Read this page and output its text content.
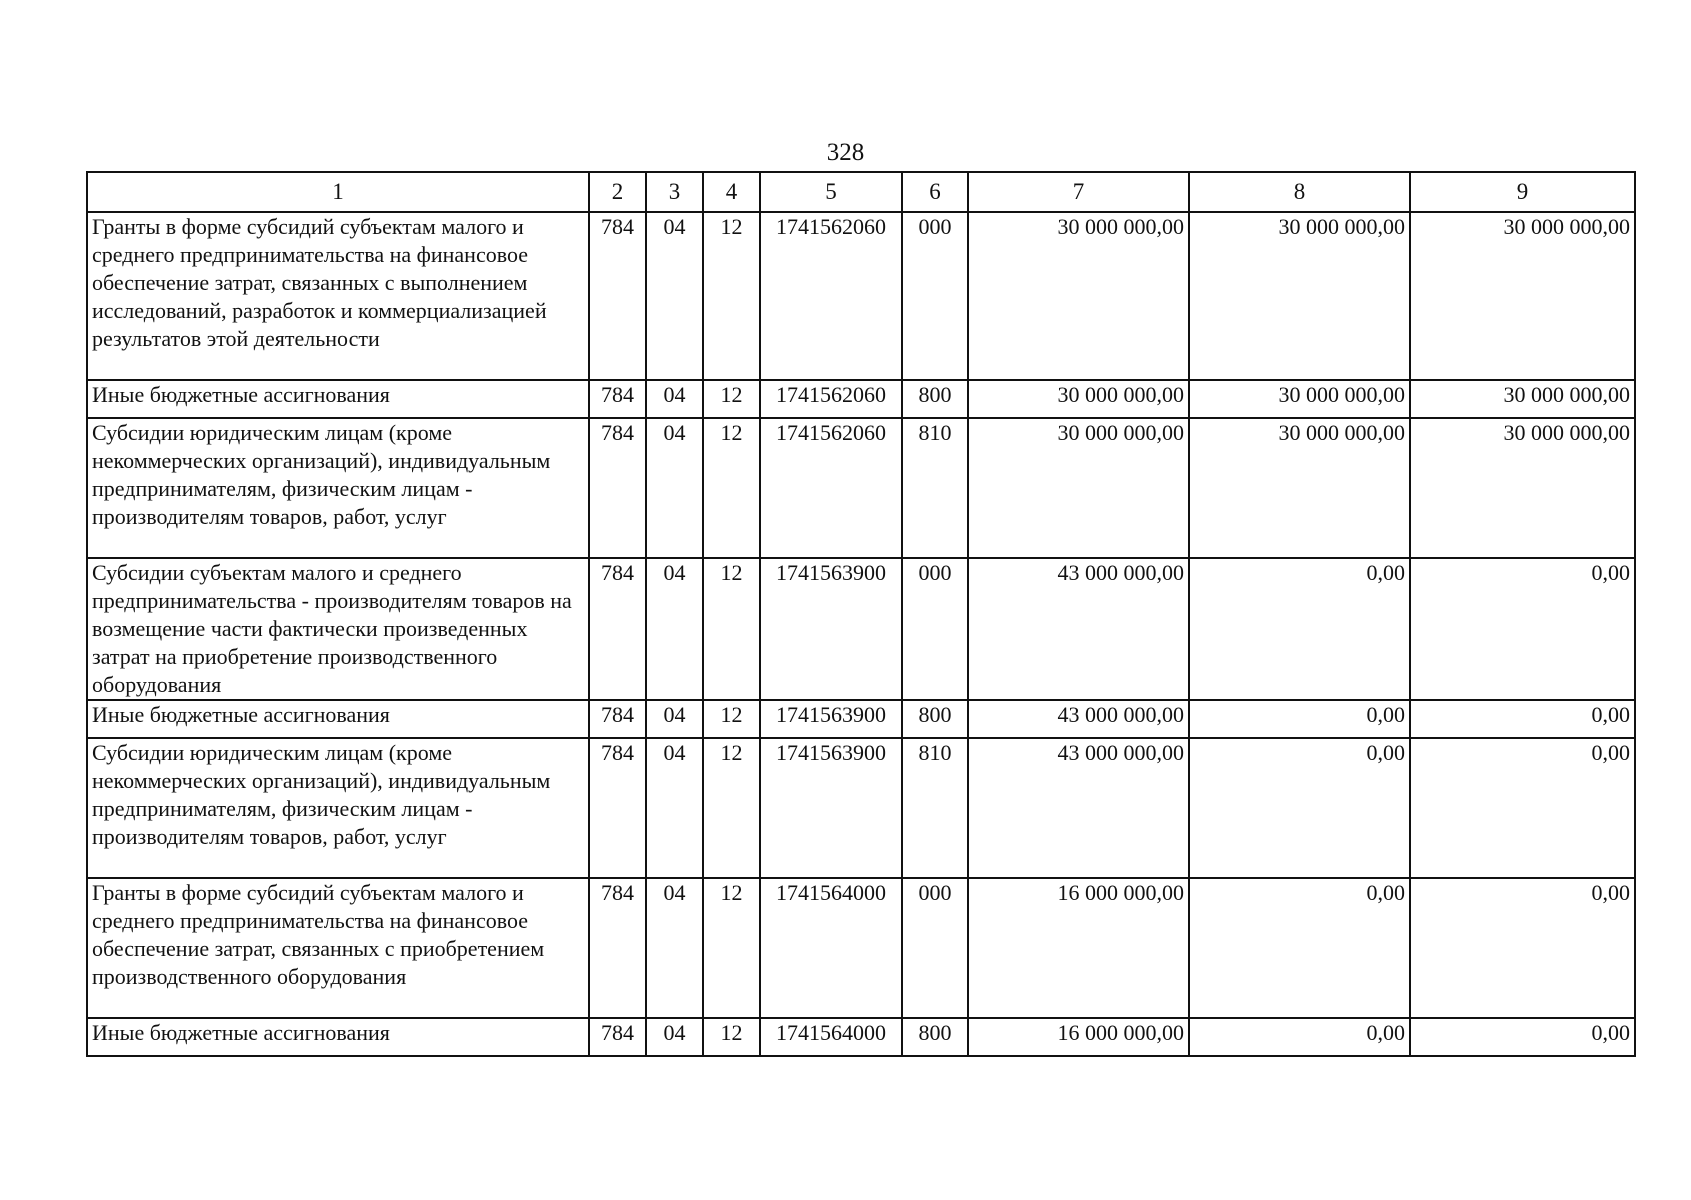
328
1	2	3	4	5	6	7	8	9
Гранты в форме субсидий субъектам малого и среднего предпринимательства на финансовое обеспечение затрат, связанных с выполнением исследований, разработок и коммерциализацией результатов этой деятельности	784	04	12	1741562060	000	30 000 000,00	30 000 000,00	30 000 000,00
Иные бюджетные ассигнования	784	04	12	1741562060	800	30 000 000,00	30 000 000,00	30 000 000,00
Субсидии юридическим лицам (кроме некоммерческих организаций), индивидуальным предпринимателям, физическим лицам - производителям товаров, работ, услуг	784	04	12	1741562060	810	30 000 000,00	30 000 000,00	30 000 000,00
Субсидии субъектам малого и среднего предпринимательства - производителям товаров на возмещение части фактически произведенных затрат на приобретение производственного оборудования	784	04	12	1741563900	000	43 000 000,00	0,00	0,00
Иные бюджетные ассигнования	784	04	12	1741563900	800	43 000 000,00	0,00	0,00
Субсидии юридическим лицам (кроме некоммерческих организаций), индивидуальным предпринимателям, физическим лицам - производителям товаров, работ, услуг	784	04	12	1741563900	810	43 000 000,00	0,00	0,00
Гранты в форме субсидий субъектам малого и среднего предпринимательства на финансовое обеспечение затрат, связанных с приобретением производственного оборудования	784	04	12	1741564000	000	16 000 000,00	0,00	0,00
Иные бюджетные ассигнования	784	04	12	1741564000	800	16 000 000,00	0,00	0,00
